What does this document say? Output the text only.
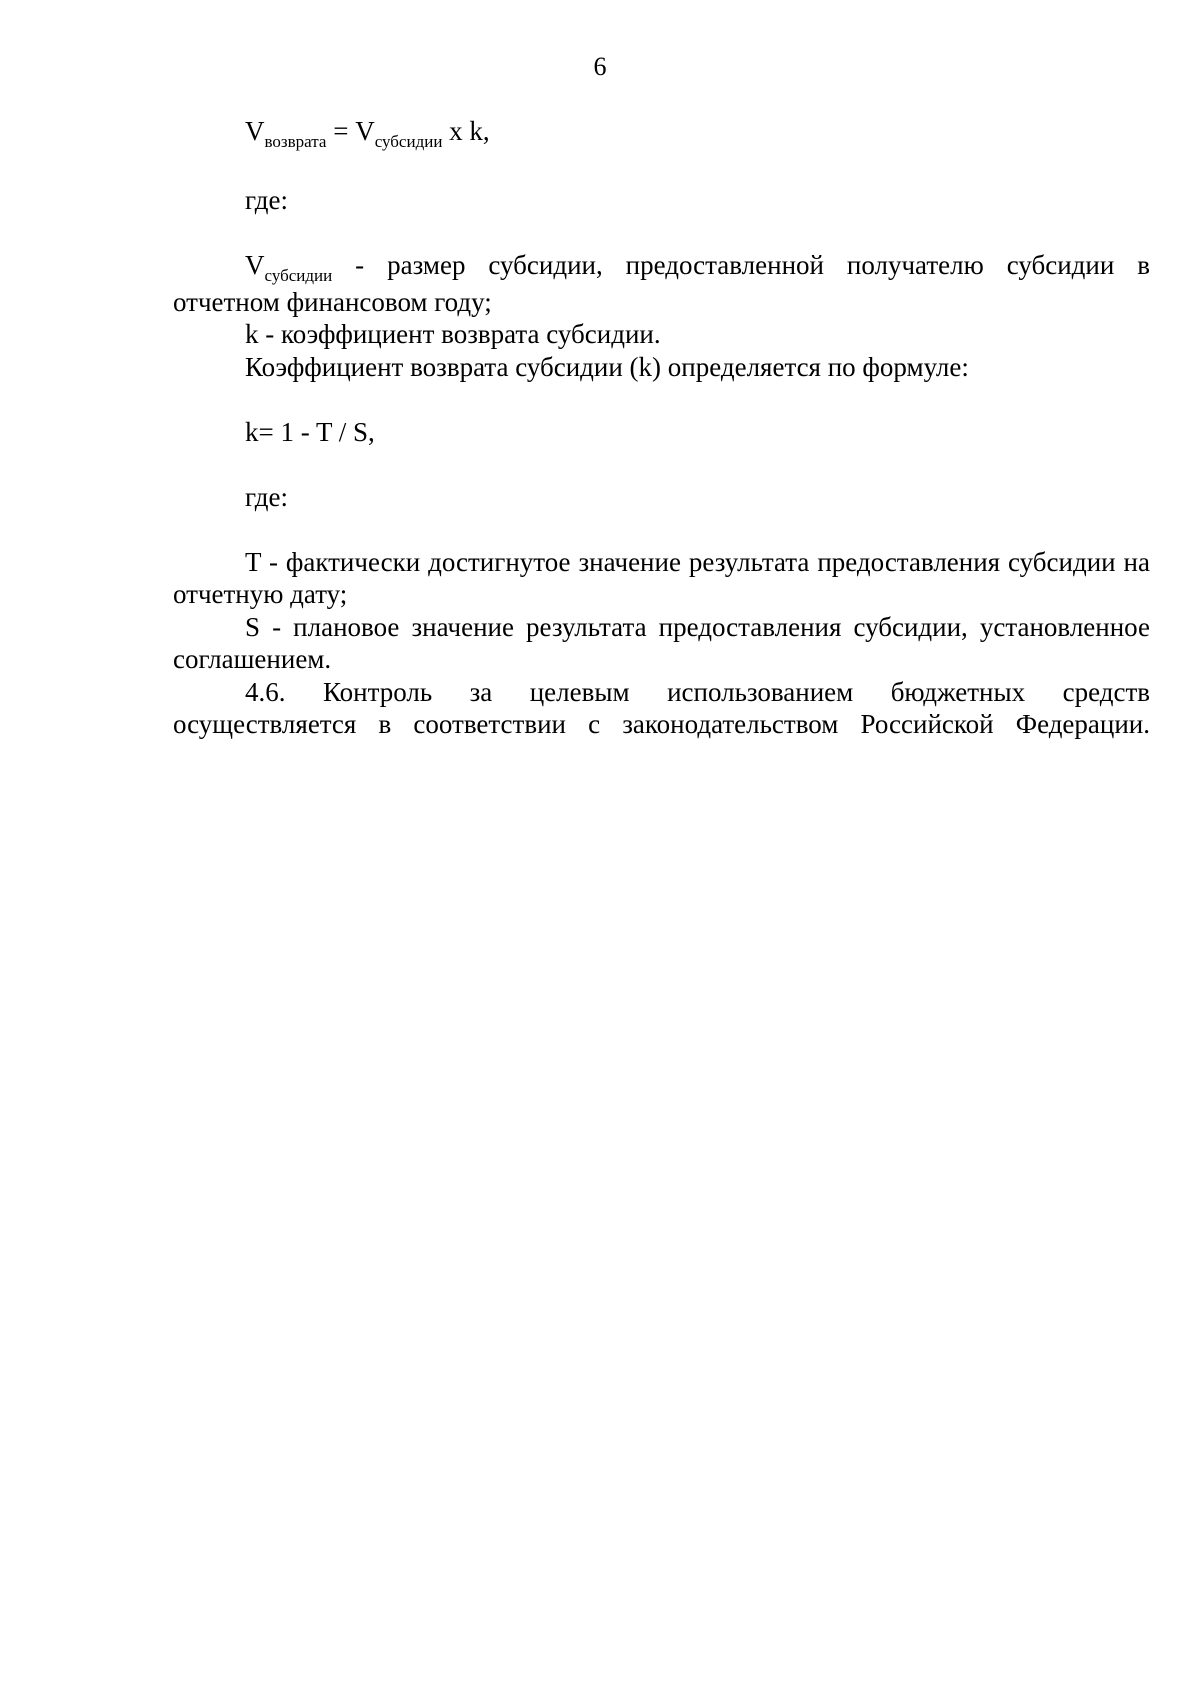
6

$V_{возврата} = V_{субсидии}$ x k,

где:

$V_{субсидии}$ - размер субсидии, предоставленной получателю субсидии в отчетном финансовом году;

k - коэффициент возврата субсидии.

Коэффициент возврата субсидии (k) определяется по формуле:

k= 1 - T / S,

где:

T - фактически достигнутое значение результата предоставления субсидии на отчетную дату;

S - плановое значение результата предоставления субсидии, установленное соглашением.

4.6. Контроль за целевым использованием бюджетных средств осуществляется в соответствии с законодательством Российской Федерации.
